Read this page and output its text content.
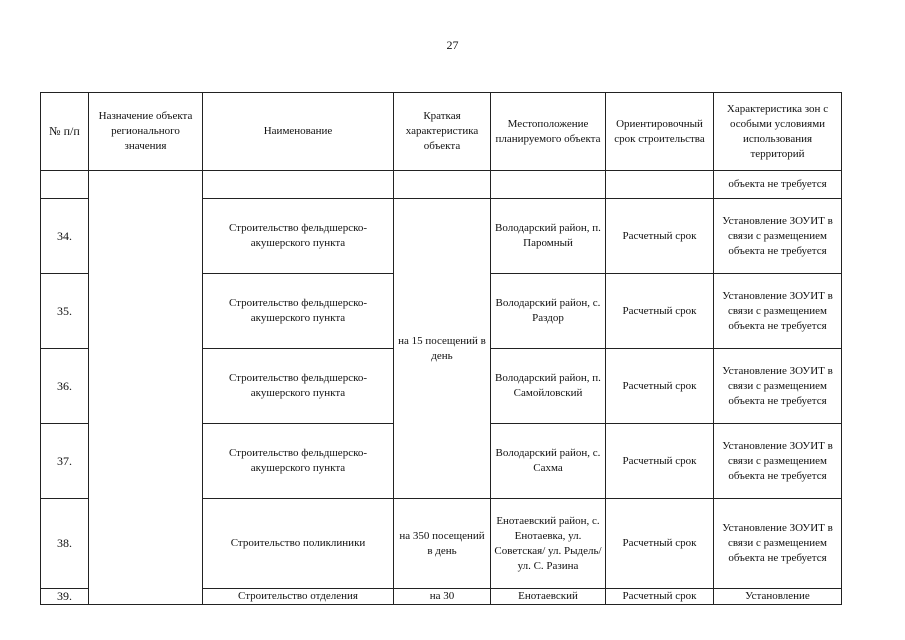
27
№ п/п	Назначение объекта регионального значения	Наименование	Краткая характеристика объекта	Местоположение планируемого объекта	Ориентировочный срок строительства	Характеристика зон с особыми условиями использования территорий
						объекта не требуется
34.		Строительство фельдшерско-акушерского пункта	на 15 посещений в день	Володарский район, п. Паромный	Расчетный срок	Установление ЗОУИТ в связи с размещением объекта не требуется
35.		Строительство фельдшерско-акушерского пункта		Володарский район, с. Раздор	Расчетный срок	Установление ЗОУИТ в связи с размещением объекта не требуется
36.		Строительство фельдшерско-акушерского пункта		Володарский район, п. Самойловский	Расчетный срок	Установление ЗОУИТ в связи с размещением объекта не требуется
37.		Строительство фельдшерско-акушерского пункта		Володарский район, с. Сахма	Расчетный срок	Установление ЗОУИТ в связи с размещением объекта не требуется
38.		Строительство поликлиники	на 350 посещений в день	Енотаевский район, с. Енотаевка, ул. Советская/ ул. Рыдель/ ул. С. Разина	Расчетный срок	Установление ЗОУИТ в связи с размещением объекта не требуется
39.		Строительство отделения	на 30	Енотаевский	Расчетный срок	Установление
